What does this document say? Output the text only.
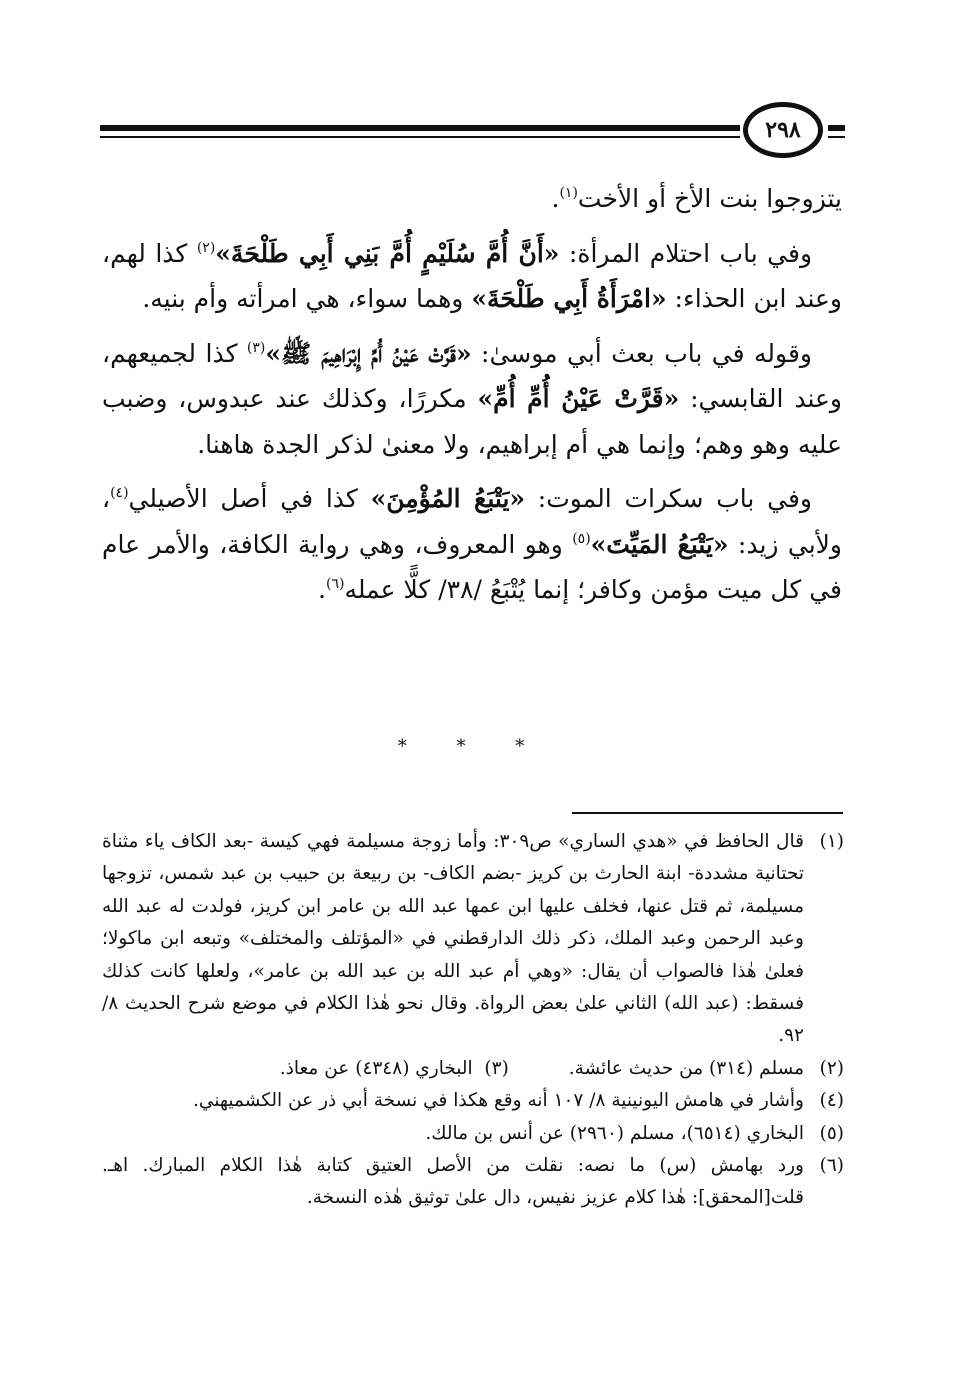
٢٩٨

يتزوجوا بنت الأخ أو الأخت$^{(١)}$.

وفي باب احتلام المرأة: «أَنَّ أُمَّ سُلَيْمٍ أُمَّ بَنِي أَبِي طَلْحَةَ»$^{(٢)}$ كذا لهم، وعند ابن الحذاء: «امْرَأَةُ أَبِي طَلْحَةَ» وهما سواء، هي امرأته وأم بنيه.

وقوله في باب بعث أبي موسىٰ: «قَرَّتْ عَيْنُ أُمِّ إِبْرَاهِيمَ ﷺ»$^{(٣)}$ كذا لجميعهم، وعند القابسي: «قَرَّتْ عَيْنُ أُمِّ أُمِّ» مكررًا، وكذلك عند عبدوس، وضبب عليه وهو وهم؛ وإنما هي أم إبراهيم، ولا معنىٰ لذكر الجدة هاهنا.

وفي باب سكرات الموت: «يَتْبَعُ المُؤْمِنَ» كذا في أصل الأصيلي$^{(٤)}$، ولأبي زيد: «يَتْبَعُ المَيِّتَ»$^{(٥)}$ وهو المعروف، وهي رواية الكافة، والأمر عام في كل ميت مؤمن وكافر؛ إنما يُتْبَعُ /٣٨/ كلًّا عمله$^{(٦)}$.

* * *

(١)
قال الحافظ في «هدي الساري» ص٣٠٩: وأما زوجة مسيلمة فهي كيسة -بعد الكاف ياء مثناة تحتانية مشددة- ابنة الحارث بن كريز -بضم الكاف- بن ربيعة بن حبيب بن عبد شمس، تزوجها مسيلمة، ثم قتل عنها، فخلف عليها ابن عمها عبد الله بن عامر ابن كريز، فولدت له عبد الله وعبد الرحمن وعبد الملك، ذكر ذلك الدارقطني في «المؤتلف والمختلف» وتبعه ابن ماكولا؛ فعلىٰ هٰذا فالصواب أن يقال: «وهي أم عبد الله بن عبد الله بن عامر»، ولعلها كانت كذلك فسقط: (عبد الله) الثاني علىٰ بعض الرواة. وقال نحو هٰذا الكلام في موضع شرح الحديث ٨/ ٩٢.

(٢)
مسلم (٣١٤) من حديث عائشة.
(٣)  البخاري (٤٣٤٨) عن معاذ.

(٤)
وأشار في هامش اليونينية ٨/ ١٠٧ أنه وقع هكذا في نسخة أبي ذر عن الكشميهني.

(٥)
البخاري (٦٥١٤)، مسلم (٢٩٦٠) عن أنس بن مالك.

(٦)
ورد بهامش (س) ما نصه: نقلت من الأصل العتيق كتابة هٰذا الكلام المبارك. اهـ. قلت[المحقق]: هٰذا كلام عزيز نفيس، دال علىٰ توثيق هٰذه النسخة.
